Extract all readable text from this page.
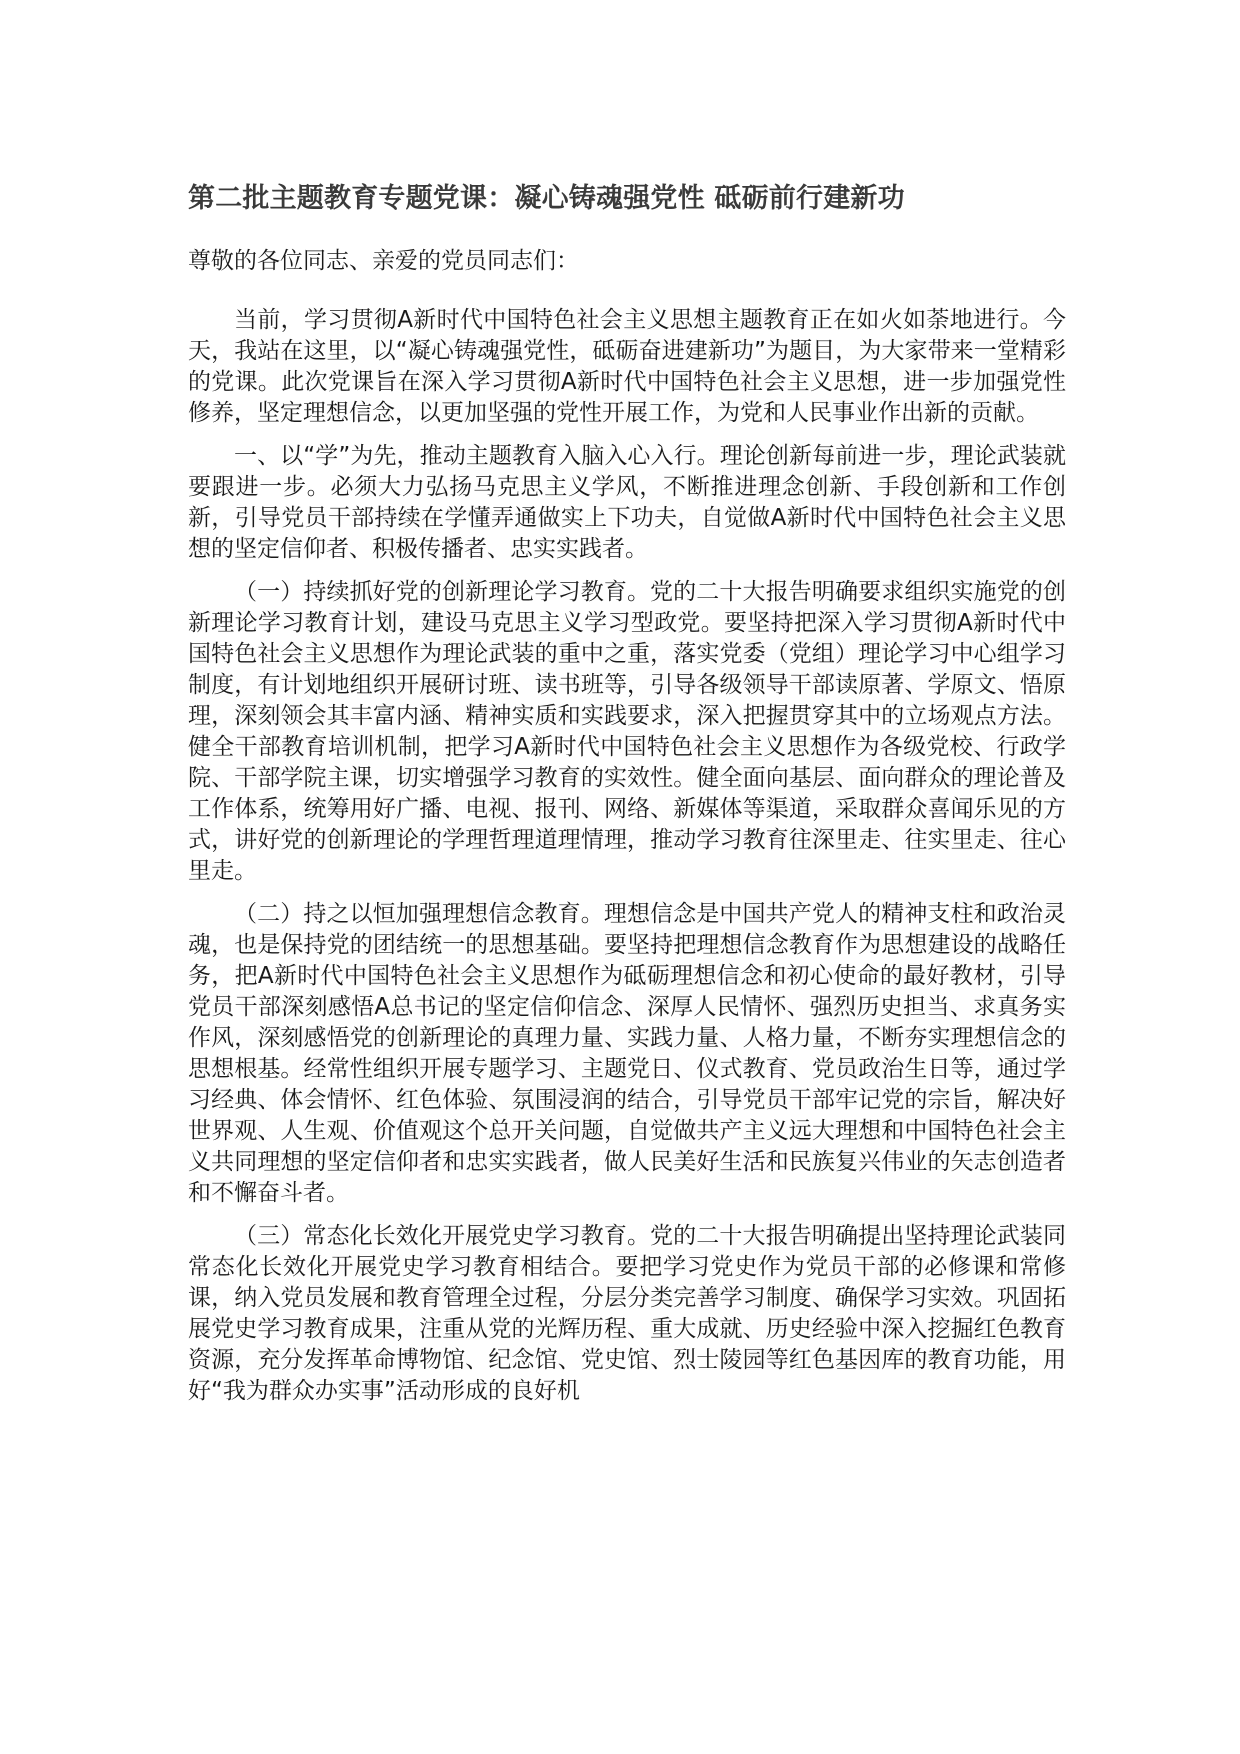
第二批主题教育专题党课：凝心铸魂强党性 砥砺前行建新功

尊敬的各位同志、亲爱的党员同志们：

当前，学习贯彻A新时代中国特色社会主义思想主题教育正在如火如荼地进行。今天，我站在这里，以“凝心铸魂强党性，砥砺奋进建新功”为题目，为大家带来一堂精彩的党课。此次党课旨在深入学习贯彻A新时代中国特色社会主义思想，进一步加强党性修养，坚定理想信念，以更加坚强的党性开展工作，为党和人民事业作出新的贡献。

一、以“学”为先，推动主题教育入脑入心入行。理论创新每前进一步，理论武装就要跟进一步。必须大力弘扬马克思主义学风，不断推进理念创新、手段创新和工作创新，引导党员干部持续在学懂弄通做实上下功夫，自觉做A新时代中国特色社会主义思想的坚定信仰者、积极传播者、忠实实践者。

（一）持续抓好党的创新理论学习教育。党的二十大报告明确要求组织实施党的创新理论学习教育计划，建设马克思主义学习型政党。要坚持把深入学习贯彻A新时代中国特色社会主义思想作为理论武装的重中之重，落实党委（党组）理论学习中心组学习制度，有计划地组织开展研讨班、读书班等，引导各级领导干部读原著、学原文、悟原理，深刻领会其丰富内涵、精神实质和实践要求，深入把握贯穿其中的立场观点方法。健全干部教育培训机制，把学习A新时代中国特色社会主义思想作为各级党校、行政学院、干部学院主课，切实增强学习教育的实效性。健全面向基层、面向群众的理论普及工作体系，统筹用好广播、电视、报刊、网络、新媒体等渠道，采取群众喜闻乐见的方式，讲好党的创新理论的学理哲理道理情理，推动学习教育往深里走、往实里走、往心里走。

（二）持之以恒加强理想信念教育。理想信念是中国共产党人的精神支柱和政治灵魂，也是保持党的团结统一的思想基础。要坚持把理想信念教育作为思想建设的战略任务，把A新时代中国特色社会主义思想作为砥砺理想信念和初心使命的最好教材，引导党员干部深刻感悟A总书记的坚定信仰信念、深厚人民情怀、强烈历史担当、求真务实作风，深刻感悟党的创新理论的真理力量、实践力量、人格力量，不断夯实理想信念的思想根基。经常性组织开展专题学习、主题党日、仪式教育、党员政治生日等，通过学习经典、体会情怀、红色体验、氛围浸润的结合，引导党员干部牢记党的宗旨，解决好世界观、人生观、价值观这个总开关问题，自觉做共产主义远大理想和中国特色社会主义共同理想的坚定信仰者和忠实实践者，做人民美好生活和民族复兴伟业的矢志创造者和不懈奋斗者。

（三）常态化长效化开展党史学习教育。党的二十大报告明确提出坚持理论武装同常态化长效化开展党史学习教育相结合。要把学习党史作为党员干部的必修课和常修课，纳入党员发展和教育管理全过程，分层分类完善学习制度、确保学习实效。巩固拓展党史学习教育成果，注重从党的光辉历程、重大成就、历史经验中深入挖掘红色教育资源，充分发挥革命博物馆、纪念馆、党史馆、烈士陵园等红色基因库的教育功能，用好“我为群众办实事”活动形成的良好机
